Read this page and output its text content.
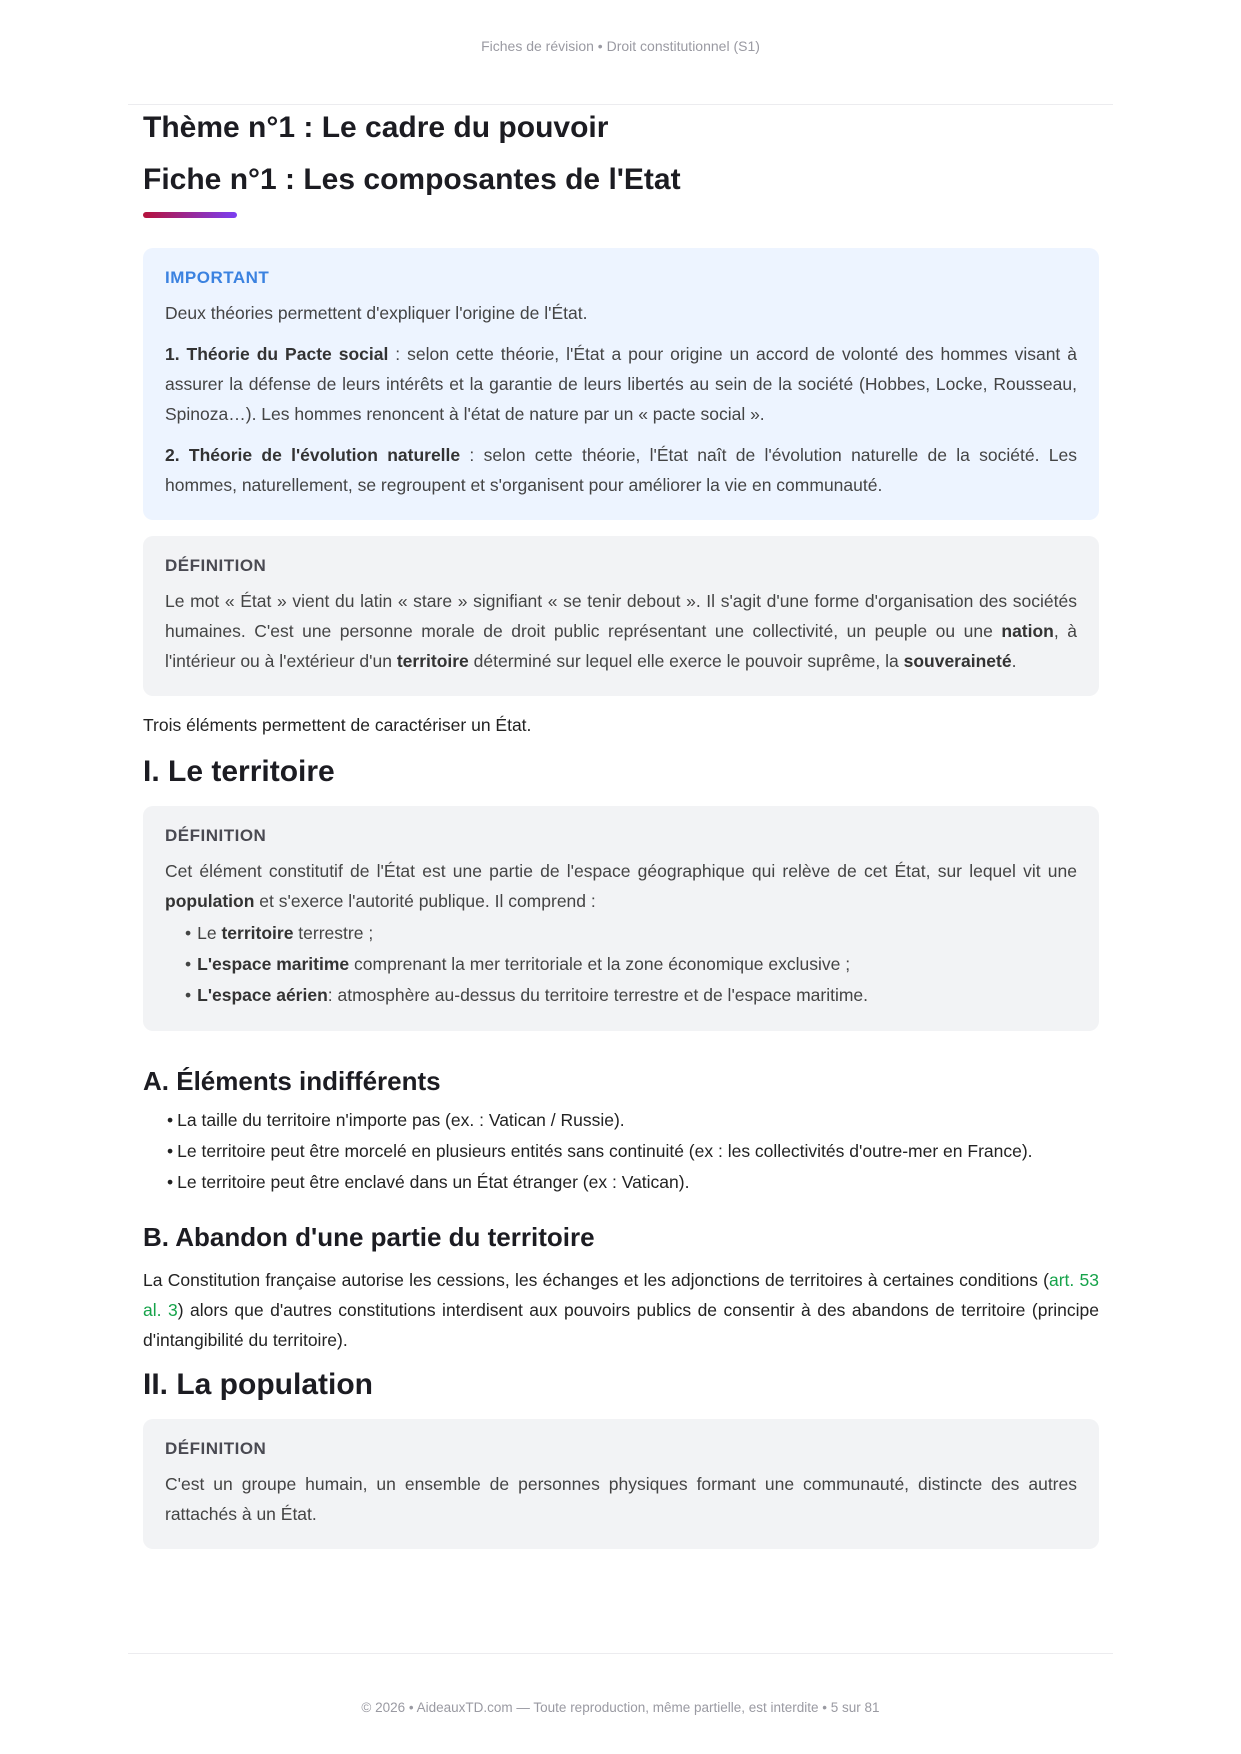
Fiches de révision • Droit constitutionnel (S1)
Thème n°1 : Le cadre du pouvoir
Fiche n°1 : Les composantes de l'Etat
IMPORTANT

Deux théories permettent d'expliquer l'origine de l'État.

1. Théorie du Pacte social : selon cette théorie, l'État a pour origine un accord de volonté des hommes visant à assurer la défense de leurs intérêts et la garantie de leurs libertés au sein de la société (Hobbes, Locke, Rousseau, Spinoza…). Les hommes renoncent à l'état de nature par un « pacte social ».

2. Théorie de l'évolution naturelle : selon cette théorie, l'État naît de l'évolution naturelle de la société. Les hommes, naturellement, se regroupent et s'organisent pour améliorer la vie en communauté.

DÉFINITION

Le mot « État » vient du latin « stare » signifiant « se tenir debout ». Il s'agit d'une forme d'organisation des sociétés humaines. C'est une personne morale de droit public représentant une collectivité, un peuple ou une nation, à l'intérieur ou à l'extérieur d'un territoire déterminé sur lequel elle exerce le pouvoir suprême, la souveraineté.

Trois éléments permettent de caractériser un État.

I. Le territoire
DÉFINITION

Cet élément constitutif de l'État est une partie de l'espace géographique qui relève de cet État, sur lequel vit une population et s'exerce l'autorité publique. Il comprend :

• Le territoire terrestre ;
• L'espace maritime comprenant la mer territoriale et la zone économique exclusive ;
• L'espace aérien: atmosphère au-dessus du territoire terrestre et de l'espace maritime.
A. Éléments indifférents
• La taille du territoire n'importe pas (ex. : Vatican / Russie).
• Le territoire peut être morcelé en plusieurs entités sans continuité (ex : les collectivités d'outre-mer en France).
• Le territoire peut être enclavé dans un État étranger (ex : Vatican).
B. Abandon d'une partie du territoire

La Constitution française autorise les cessions, les échanges et les adjonctions de territoires à certaines conditions (art. 53 al. 3) alors que d'autres constitutions interdisent aux pouvoirs publics de consentir à des abandons de territoire (principe d'intangibilité du territoire).

II. La population
DÉFINITION

C'est un groupe humain, un ensemble de personnes physiques formant une communauté, distincte des autres rattachés à un État.

© 2026 • AideauxTD.com — Toute reproduction, même partielle, est interdite • 5 sur 81
